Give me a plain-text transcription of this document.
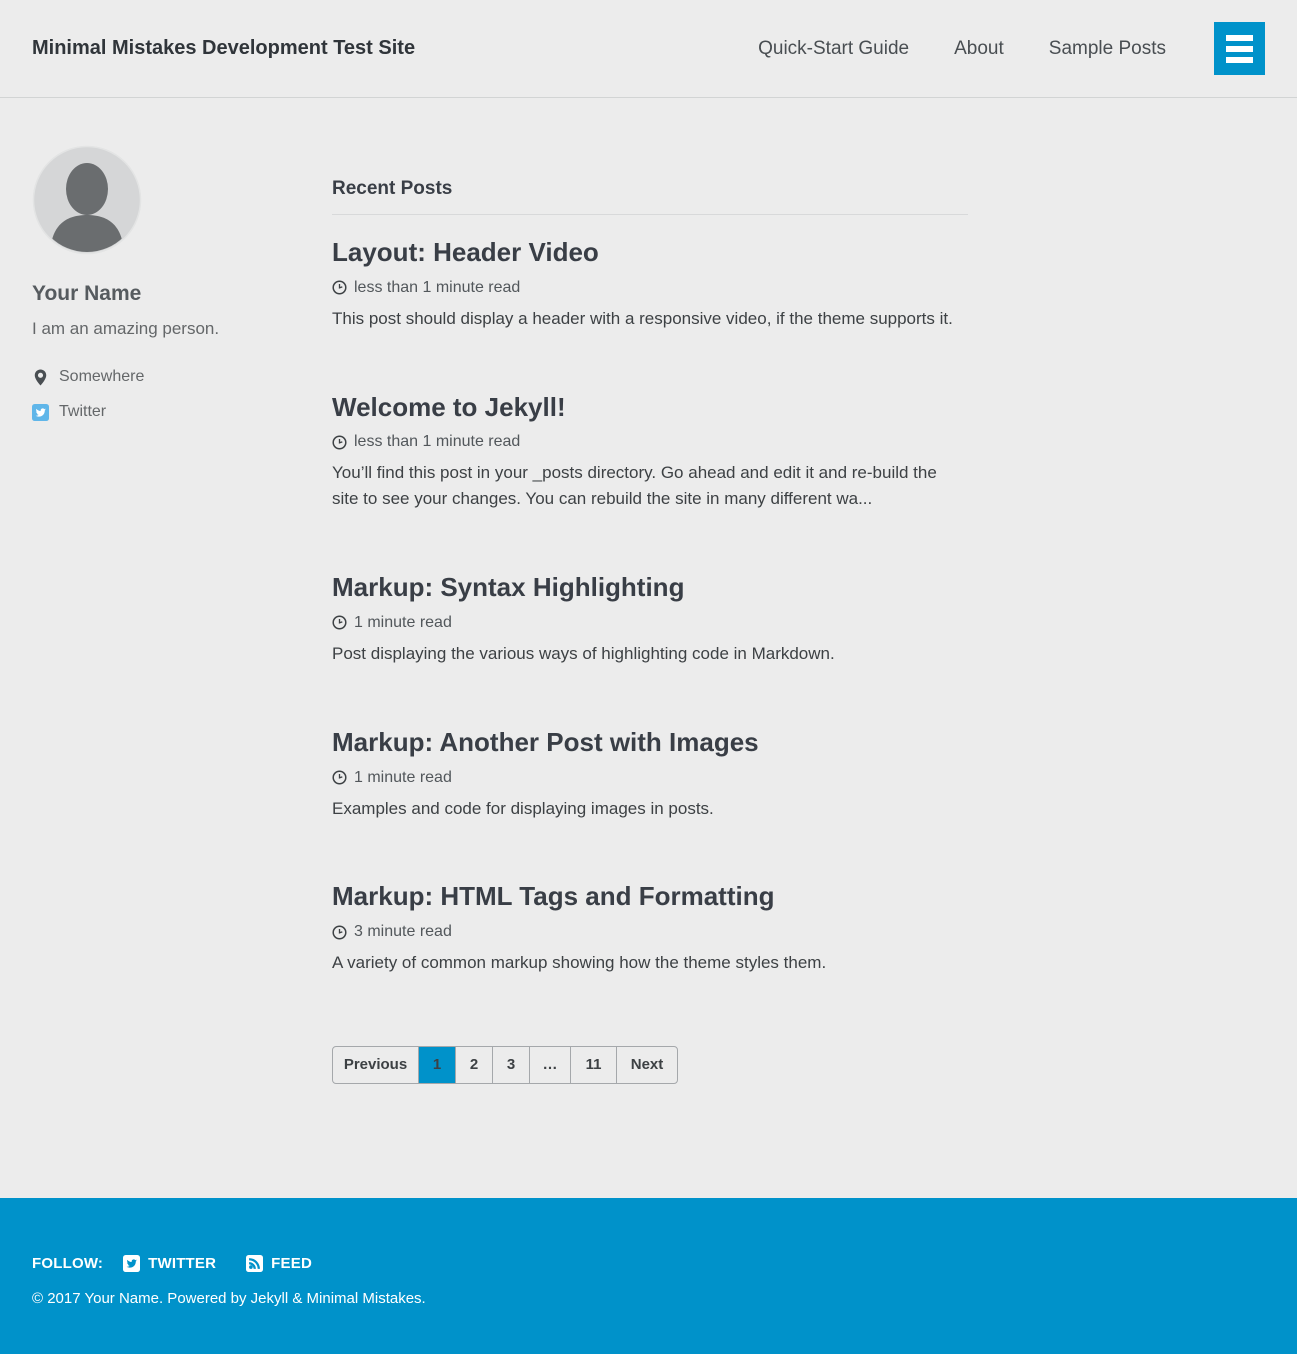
Minimal Mistakes Development Test Site	Quick-Start Guide About Sample Posts
Your Name
I am an amazing person.
Somewhere
Twitter
Recent Posts
Layout: Header Video
less than 1 minute read

This post should display a header with a responsive video, if the theme supports it.

Welcome to Jekyll!
less than 1 minute read

You’ll find this post in your _posts directory. Go ahead and edit it and re-build the site to see your changes. You can rebuild the site in many different wa...

Markup: Syntax Highlighting
1 minute read

Post displaying the various ways of highlighting code in Markdown.

Markup: Another Post with Images
1 minute read

Examples and code for displaying images in posts.

Markup: HTML Tags and Formatting
3 minute read

A variety of common markup showing how the theme styles them.

Previous	1	2	3	…	11	Next
FOLLOW:	TWITTER	FEED
© 2017 Your Name. Powered by Jekyll & Minimal Mistakes.
